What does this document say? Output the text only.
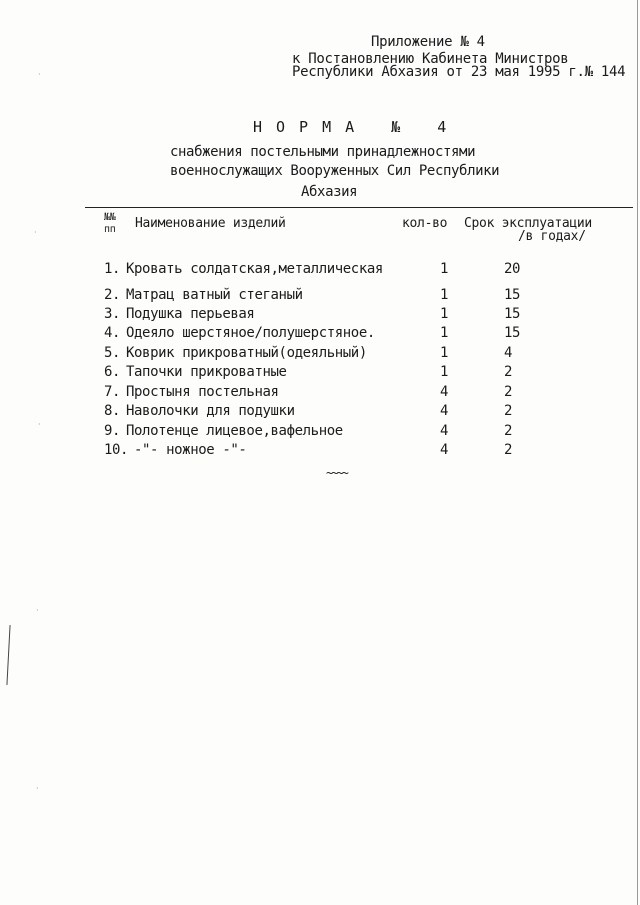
·
·
·
·
·
Приложение № 4
к Постановлению Кабинета Министров
Республики Абхазия от 23 мая 1995 г.№ 144
НОРМА № 4
снабжения постельными принадлежностями
военнослужащих Вооруженных Сил Республики
Абхазия
№№
пп Наименование изделий	кол-во Срок эксплуатации
/в годах/
1. Кровать солдатская,металлическая	1	20
2. Матрац ватный стеганый	1	15
3. Подушка перьевая	1	15
4. Одеяло шерстяное/полушерстяное.	1	15
5. Коврик прикроватный(одеяльный)	1	4
6. Тапочки прикроватные	1	2
7. Простыня постельная	4	2
8. Наволочки для подушки	4	2
9. Полотенце лицевое,вафельное	4	2
10. -"- ножное -"-	4	2
~~~~
